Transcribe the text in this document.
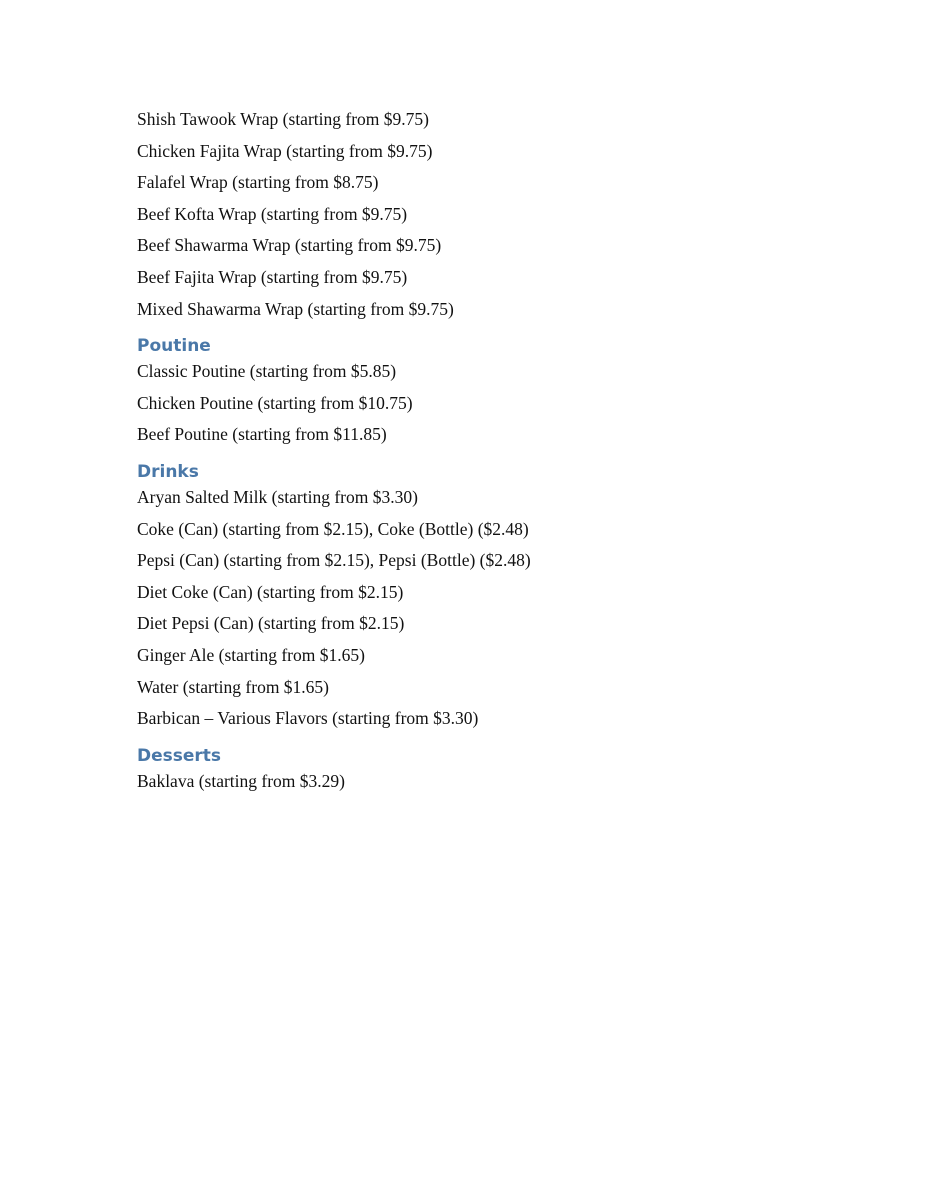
Shish Tawook Wrap (starting from $9.75)
Chicken Fajita Wrap (starting from $9.75)
Falafel Wrap (starting from $8.75)
Beef Kofta Wrap (starting from $9.75)
Beef Shawarma Wrap (starting from $9.75)
Beef Fajita Wrap (starting from $9.75)
Mixed Shawarma Wrap (starting from $9.75)
Poutine
Classic Poutine (starting from $5.85)
Chicken Poutine (starting from $10.75)
Beef Poutine (starting from $11.85)
Drinks
Aryan Salted Milk (starting from $3.30)
Coke (Can) (starting from $2.15), Coke (Bottle) ($2.48)
Pepsi (Can) (starting from $2.15), Pepsi (Bottle) ($2.48)
Diet Coke (Can) (starting from $2.15)
Diet Pepsi (Can) (starting from $2.15)
Ginger Ale (starting from $1.65)
Water (starting from $1.65)
Barbican – Various Flavors (starting from $3.30)
Desserts
Baklava (starting from $3.29)
